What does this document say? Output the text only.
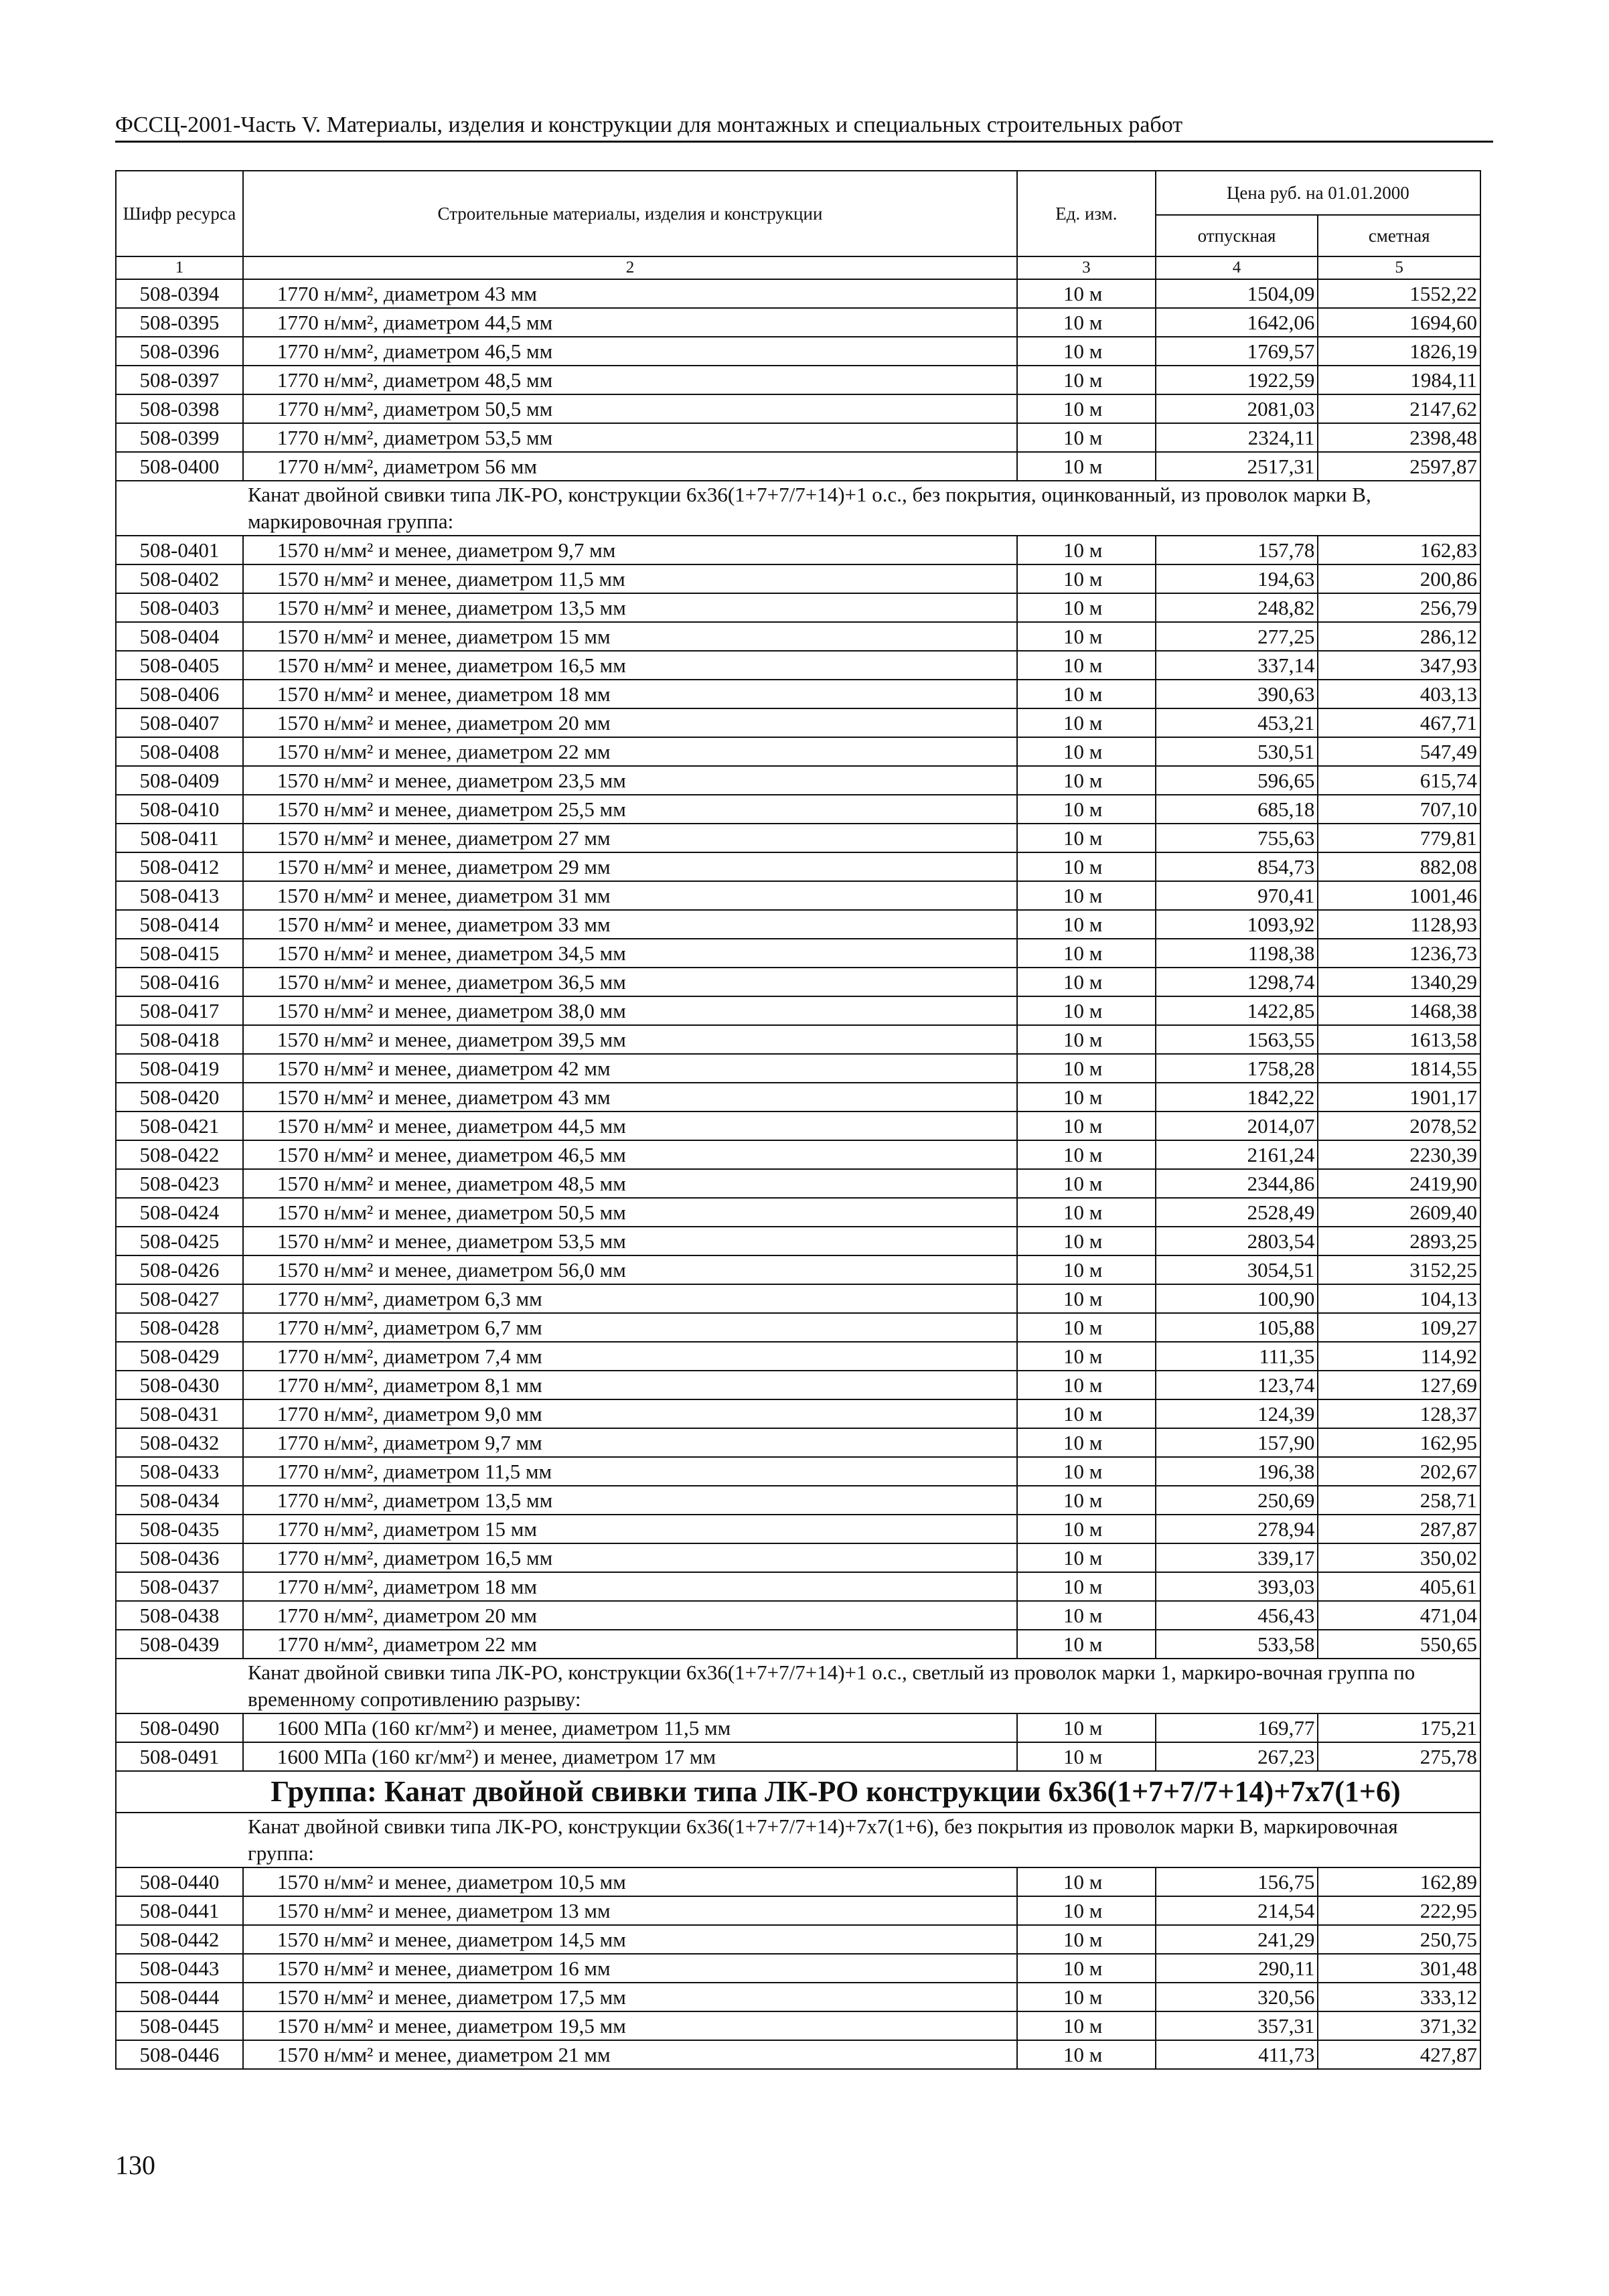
ФССЦ-2001-Часть V. Материалы, изделия и конструкции для монтажных и специальных строительных работ
Шифр ресурса	Строительные материалы, изделия и конструкции	Ед. изм.	Цена руб. на 01.01.2000	
			отпускная	сметная
1	2	3	4	5
508-0394	1770 н/мм², диаметром 43 мм	10 м	1504,09	1552,22
508-0395	1770 н/мм², диаметром 44,5 мм	10 м	1642,06	1694,60
508-0396	1770 н/мм², диаметром 46,5 мм	10 м	1769,57	1826,19
508-0397	1770 н/мм², диаметром 48,5 мм	10 м	1922,59	1984,11
508-0398	1770 н/мм², диаметром 50,5 мм	10 м	2081,03	2147,62
508-0399	1770 н/мм², диаметром 53,5 мм	10 м	2324,11	2398,48
508-0400	1770 н/мм², диаметром 56 мм	10 м	2517,31	2597,87
Канат двойной свивки типа ЛК-РО, конструкции 6х36(1+7+7/7+14)+1 о.с., без покрытия, оцинкованный, из проволок марки В, маркировочная группа:				
508-0401	1570 н/мм² и менее, диаметром 9,7 мм	10 м	157,78	162,83
508-0402	1570 н/мм² и менее, диаметром 11,5 мм	10 м	194,63	200,86
508-0403	1570 н/мм² и менее, диаметром 13,5 мм	10 м	248,82	256,79
508-0404	1570 н/мм² и менее, диаметром 15 мм	10 м	277,25	286,12
508-0405	1570 н/мм² и менее, диаметром 16,5 мм	10 м	337,14	347,93
508-0406	1570 н/мм² и менее, диаметром 18 мм	10 м	390,63	403,13
508-0407	1570 н/мм² и менее, диаметром 20 мм	10 м	453,21	467,71
508-0408	1570 н/мм² и менее, диаметром 22 мм	10 м	530,51	547,49
508-0409	1570 н/мм² и менее, диаметром 23,5 мм	10 м	596,65	615,74
508-0410	1570 н/мм² и менее, диаметром 25,5 мм	10 м	685,18	707,10
508-0411	1570 н/мм² и менее, диаметром 27 мм	10 м	755,63	779,81
508-0412	1570 н/мм² и менее, диаметром 29 мм	10 м	854,73	882,08
508-0413	1570 н/мм² и менее, диаметром 31 мм	10 м	970,41	1001,46
508-0414	1570 н/мм² и менее, диаметром 33 мм	10 м	1093,92	1128,93
508-0415	1570 н/мм² и менее, диаметром 34,5 мм	10 м	1198,38	1236,73
508-0416	1570 н/мм² и менее, диаметром 36,5 мм	10 м	1298,74	1340,29
508-0417	1570 н/мм² и менее, диаметром 38,0 мм	10 м	1422,85	1468,38
508-0418	1570 н/мм² и менее, диаметром 39,5 мм	10 м	1563,55	1613,58
508-0419	1570 н/мм² и менее, диаметром 42 мм	10 м	1758,28	1814,55
508-0420	1570 н/мм² и менее, диаметром 43 мм	10 м	1842,22	1901,17
508-0421	1570 н/мм² и менее, диаметром 44,5 мм	10 м	2014,07	2078,52
508-0422	1570 н/мм² и менее, диаметром 46,5 мм	10 м	2161,24	2230,39
508-0423	1570 н/мм² и менее, диаметром 48,5 мм	10 м	2344,86	2419,90
508-0424	1570 н/мм² и менее, диаметром 50,5 мм	10 м	2528,49	2609,40
508-0425	1570 н/мм² и менее, диаметром 53,5 мм	10 м	2803,54	2893,25
508-0426	1570 н/мм² и менее, диаметром 56,0 мм	10 м	3054,51	3152,25
508-0427	1770 н/мм², диаметром 6,3 мм	10 м	100,90	104,13
508-0428	1770 н/мм², диаметром 6,7 мм	10 м	105,88	109,27
508-0429	1770 н/мм², диаметром 7,4 мм	10 м	111,35	114,92
508-0430	1770 н/мм², диаметром 8,1 мм	10 м	123,74	127,69
508-0431	1770 н/мм², диаметром 9,0 мм	10 м	124,39	128,37
508-0432	1770 н/мм², диаметром 9,7 мм	10 м	157,90	162,95
508-0433	1770 н/мм², диаметром 11,5 мм	10 м	196,38	202,67
508-0434	1770 н/мм², диаметром 13,5 мм	10 м	250,69	258,71
508-0435	1770 н/мм², диаметром 15 мм	10 м	278,94	287,87
508-0436	1770 н/мм², диаметром 16,5 мм	10 м	339,17	350,02
508-0437	1770 н/мм², диаметром 18 мм	10 м	393,03	405,61
508-0438	1770 н/мм², диаметром 20 мм	10 м	456,43	471,04
508-0439	1770 н/мм², диаметром 22 мм	10 м	533,58	550,65
Канат двойной свивки типа ЛК-РО, конструкции 6х36(1+7+7/7+14)+1 о.с., светлый из проволок марки 1, маркиро-вочная группа по временному сопротивлению разрыву:				
508-0490	1600 МПа (160 кг/мм²) и менее, диаметром 11,5 мм	10 м	169,77	175,21
508-0491	1600 МПа (160 кг/мм²) и менее, диаметром 17 мм	10 м	267,23	275,78
Группа: Канат двойной свивки типа ЛК-РО конструкции 6х36(1+7+7/7+14)+7х7(1+6)				
Канат двойной свивки типа ЛК-РО, конструкции 6х36(1+7+7/7+14)+7х7(1+6), без покрытия из проволок марки В, маркировочная группа:				
508-0440	1570 н/мм² и менее, диаметром 10,5 мм	10 м	156,75	162,89
508-0441	1570 н/мм² и менее, диаметром 13 мм	10 м	214,54	222,95
508-0442	1570 н/мм² и менее, диаметром 14,5 мм	10 м	241,29	250,75
508-0443	1570 н/мм² и менее, диаметром 16 мм	10 м	290,11	301,48
508-0444	1570 н/мм² и менее, диаметром 17,5 мм	10 м	320,56	333,12
508-0445	1570 н/мм² и менее, диаметром 19,5 мм	10 м	357,31	371,32
508-0446	1570 н/мм² и менее, диаметром 21 мм	10 м	411,73	427,87
130
